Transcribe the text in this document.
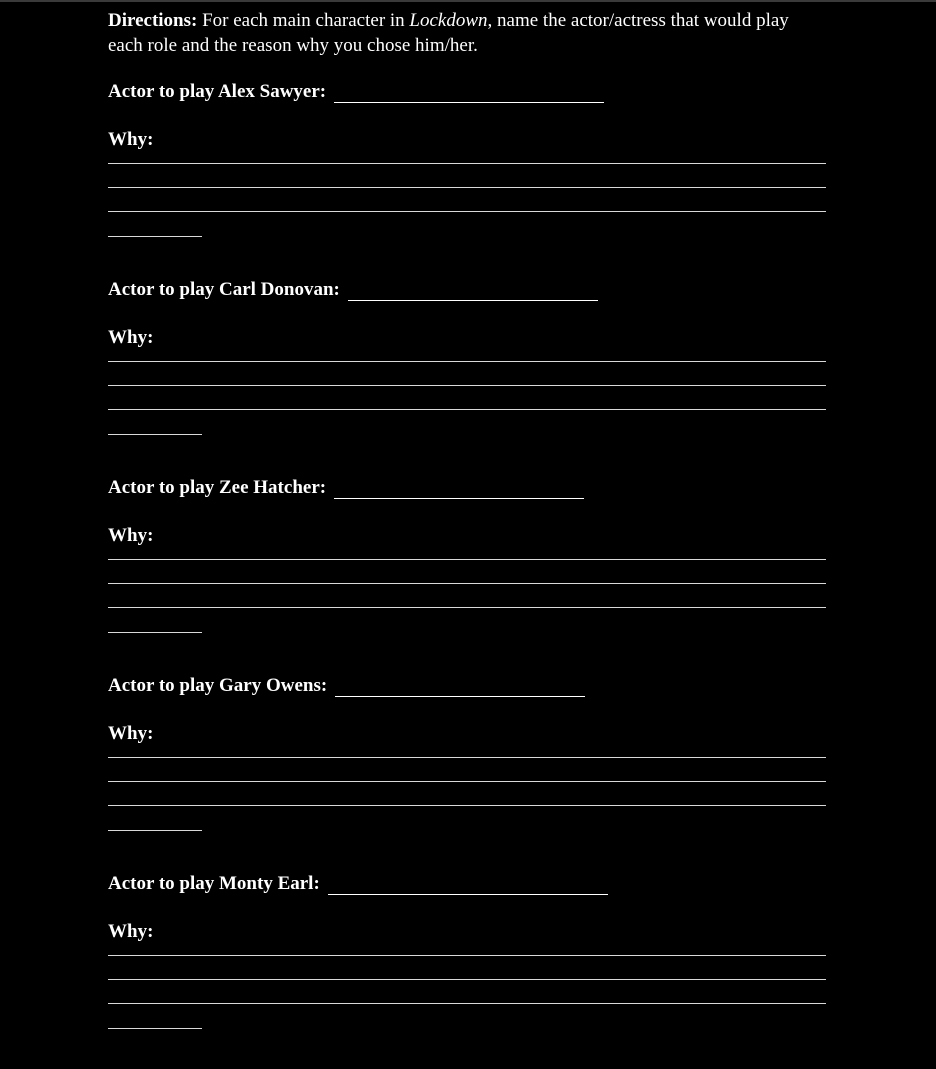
Directions: For each main character in Lockdown, name the actor/actress that would play each role and the reason why you chose him/her.

Actor to play Alex Sawyer:
Why:
Actor to play Carl Donovan:
Why:
Actor to play Zee Hatcher:
Why:
Actor to play Gary Owens:
Why:
Actor to play Monty Earl:
Why:
